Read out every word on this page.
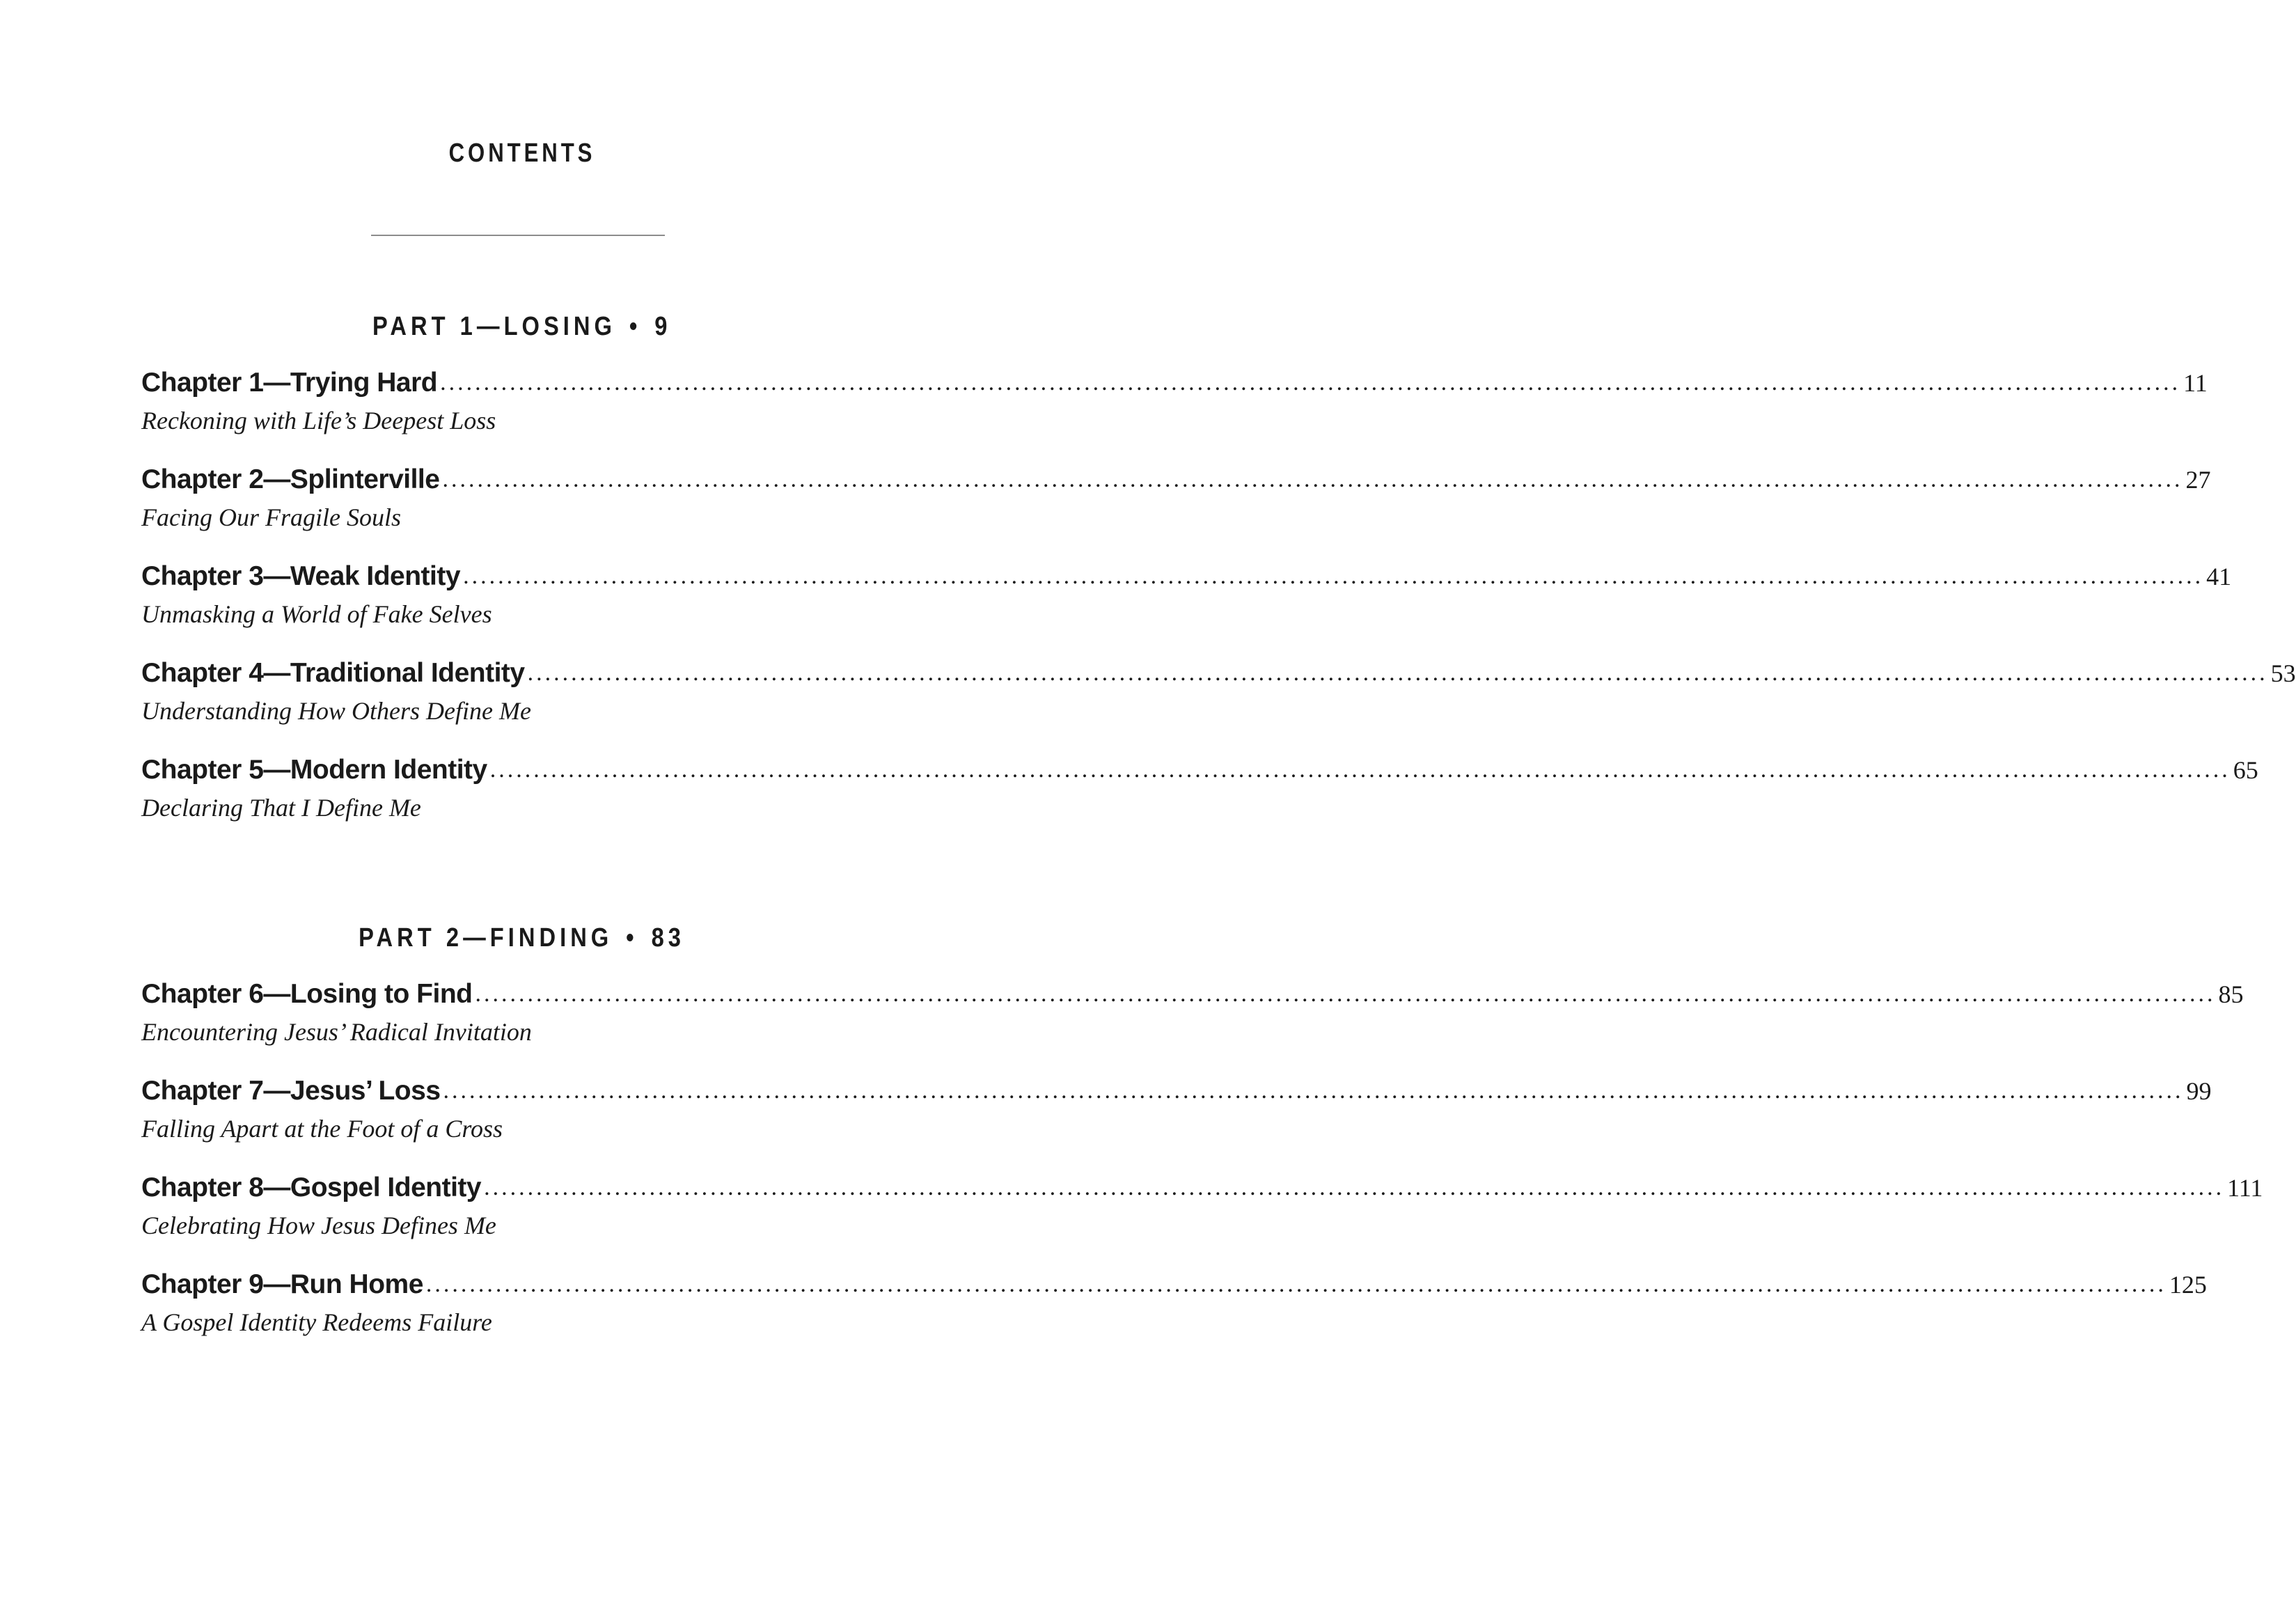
CONTENTS
PART 1—LOSING • 9
Chapter 1—Trying Hard ........................................................................................................................................................................................................ 11
Reckoning with Life’s Deepest Loss
Chapter 2—Splinterville ........................................................................................................................................................................................................ 27
Facing Our Fragile Souls
Chapter 3—Weak Identity ........................................................................................................................................................................................................ 41
Unmasking a World of Fake Selves
Chapter 4—Traditional Identity ........................................................................................................................................................................................................ 53
Understanding How Others Define Me
Chapter 5—Modern Identity ........................................................................................................................................................................................................ 65
Declaring That I Define Me
PART 2—FINDING • 83
Chapter 6—Losing to Find ........................................................................................................................................................................................................ 85
Encountering Jesus’ Radical Invitation
Chapter 7—Jesus’ Loss ........................................................................................................................................................................................................ 99
Falling Apart at the Foot of a Cross
Chapter 8—Gospel Identity ........................................................................................................................................................................................................ 111
Celebrating How Jesus Defines Me
Chapter 9—Run Home ........................................................................................................................................................................................................ 125
A Gospel Identity Redeems Failure
